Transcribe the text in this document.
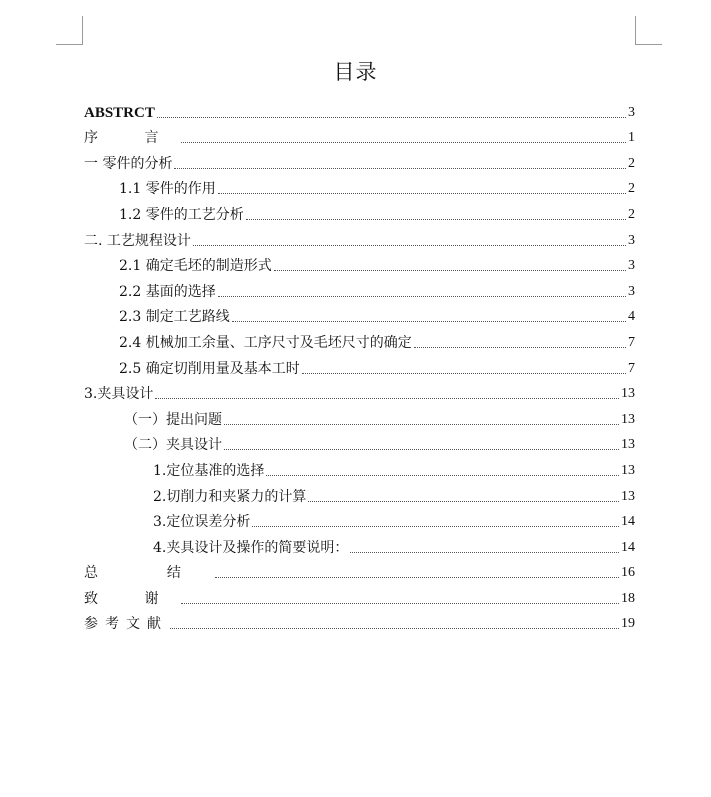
目录
ABSTRCT	3
序 言	1
一 零件的分析	2
1.1 零件的作用	2
1.2 零件的工艺分析	2
二. 工艺规程设计	3
2.1 确定毛坯的制造形式	3
2.2 基面的选择	3
2.3 制定工艺路线	4
2.4 机械加工余量、工序尺寸及毛坯尺寸的确定	7
2.5 确定切削用量及基本工时	7
3.夹具设计	13
（一）提出问题	13
（二）夹具设计	13
1.定位基准的选择	13
2.切削力和夹紧力的计算	13
3.定位误差分析	14
4.夹具设计及操作的简要说明：	14
总 结	16
致 谢	18
参考文献	19
